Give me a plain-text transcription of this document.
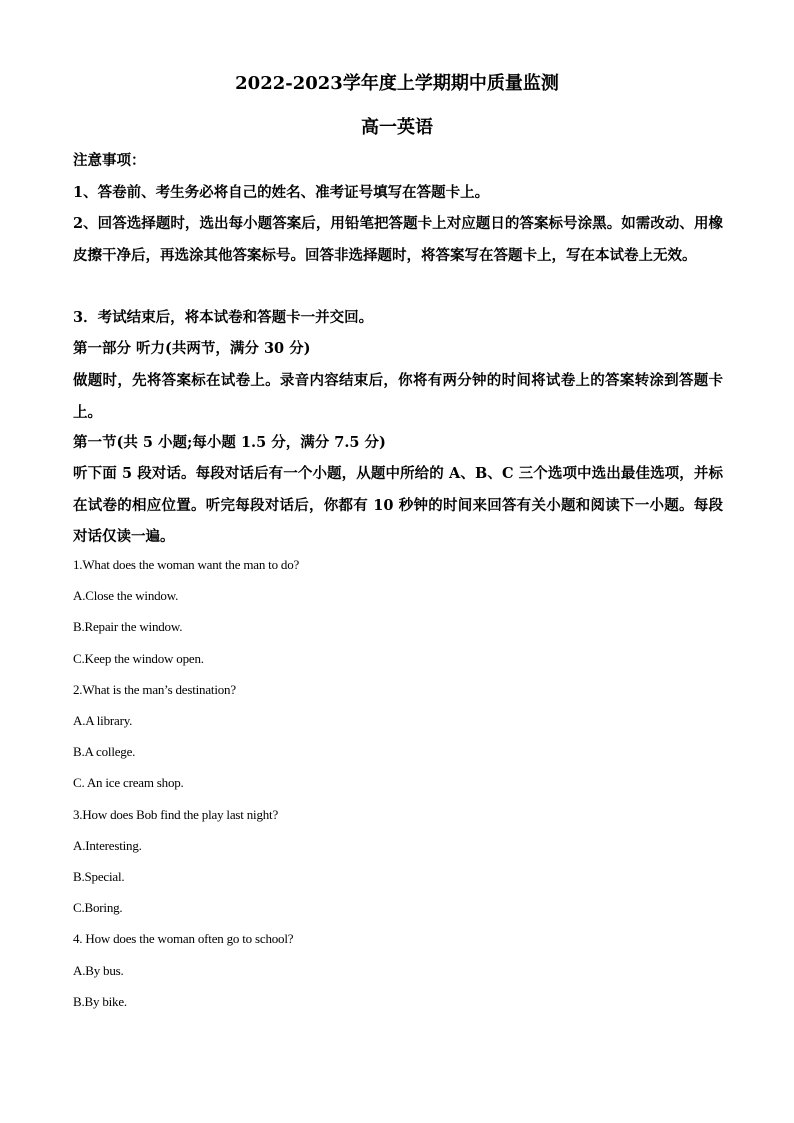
2022-2023学年度上学期期中质量监测
高一英语

注意事项：

1、答卷前、考生务必将自己的姓名、准考证号填写在答题卡上。

2、回答选择题时，选出每小题答案后，用铅笔把答题卡上对应题日的答案标号涂黑。如需改动、用橡皮擦干净后，再选涂其他答案标号。回答非选择题时，将答案写在答题卡上，写在本试卷上无效。

3．考试结束后，将本试卷和答题卡一并交回。

第一部分 听力(共两节，满分 30 分)

做题时，先将答案标在试卷上。录音内容结束后，你将有两分钟的时间将试卷上的答案转涂到答题卡上。

第一节(共 5 小题;每小题 1.5 分，满分 7.5 分)

听下面 5 段对话。每段对话后有一个小题，从题中所给的 A、B、C 三个选项中选出最佳选项，并标在试卷的相应位置。听完每段对话后，你都有 10 秒钟的时间来回答有关小题和阅读下一小题。每段对话仅读一遍。

1.What does the woman want the man to do?

A.Close the window.

B.Repair the window.

C.Keep the window open.

2.What is the man’s destination?

A.A library.

B.A college.

C. An ice cream shop.

3.How does Bob find the play last night?

A.Interesting.

B.Special.

C.Boring.

4. How does the woman often go to school?

A.By bus.

B.By bike.
